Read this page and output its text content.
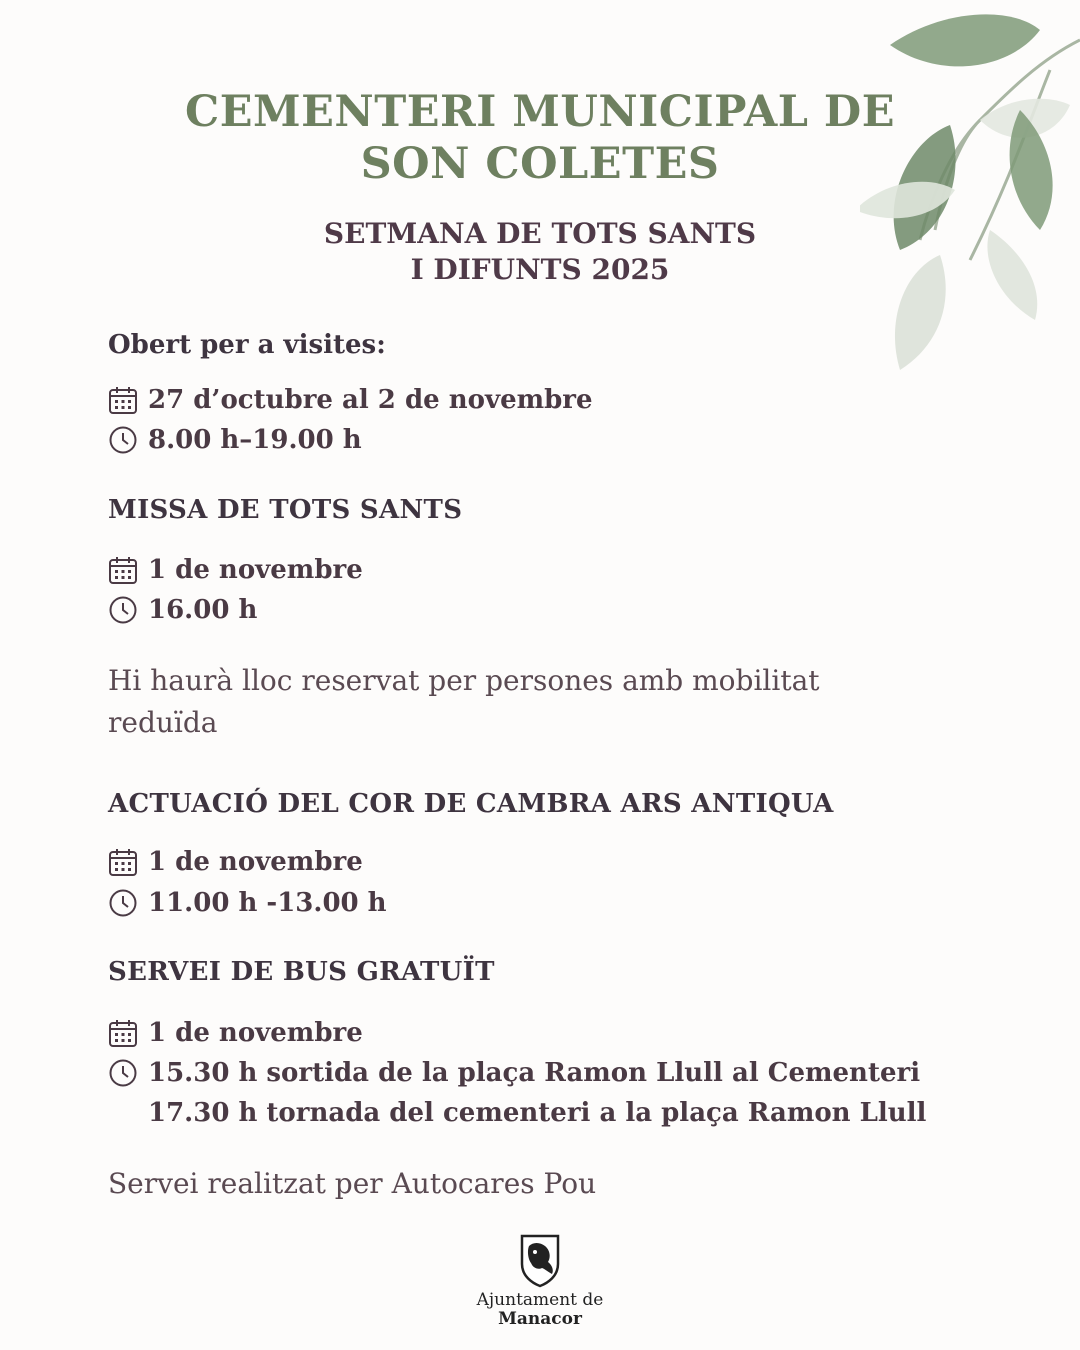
CEMENTERI MUNICIPAL DE
SON COLETES
SETMANA DE TOTS SANTS
I DIFUNTS 2025
Obert per a visites:
27 d’octubre al 2 de novembre
8.00 h–19.00 h
MISSA DE TOTS SANTS
1 de novembre
16.00 h
Hi haurà lloc reservat per persones amb mobilitat reduïda
ACTUACIÓ DEL COR DE CAMBRA ARS ANTIQUA
1 de novembre
11.00 h -13.00 h
SERVEI DE BUS GRATUÏT
1 de novembre
15.30 h sortida de la plaça Ramon Llull al Cementeri
17.30 h tornada del cementeri a la plaça Ramon Llull
Servei realitzat per Autocares Pou
Ajuntament de
Manacor
